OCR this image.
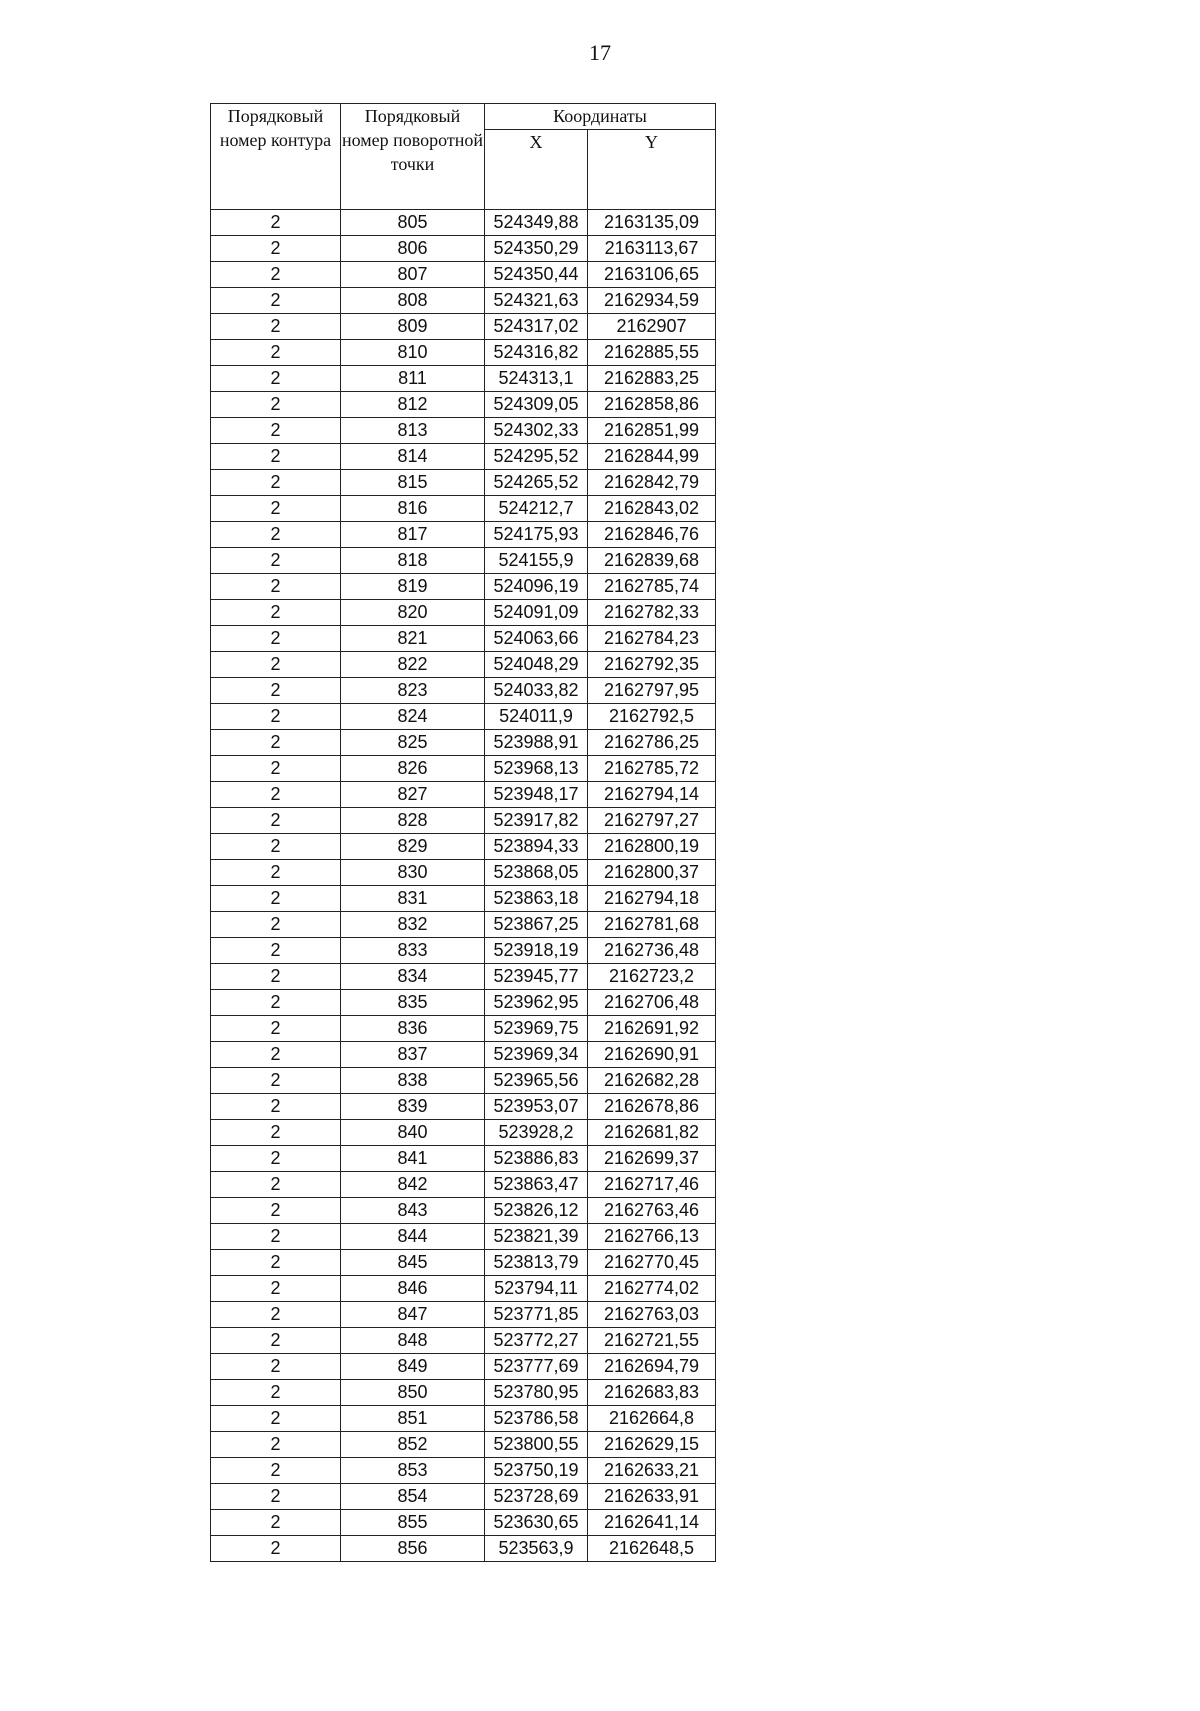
17
Порядковый номер контура	Порядковый номер поворотной точки	Координаты	
		X	Y
2	805	524349,88	2163135,09
2	806	524350,29	2163113,67
2	807	524350,44	2163106,65
2	808	524321,63	2162934,59
2	809	524317,02	2162907
2	810	524316,82	2162885,55
2	811	524313,1	2162883,25
2	812	524309,05	2162858,86
2	813	524302,33	2162851,99
2	814	524295,52	2162844,99
2	815	524265,52	2162842,79
2	816	524212,7	2162843,02
2	817	524175,93	2162846,76
2	818	524155,9	2162839,68
2	819	524096,19	2162785,74
2	820	524091,09	2162782,33
2	821	524063,66	2162784,23
2	822	524048,29	2162792,35
2	823	524033,82	2162797,95
2	824	524011,9	2162792,5
2	825	523988,91	2162786,25
2	826	523968,13	2162785,72
2	827	523948,17	2162794,14
2	828	523917,82	2162797,27
2	829	523894,33	2162800,19
2	830	523868,05	2162800,37
2	831	523863,18	2162794,18
2	832	523867,25	2162781,68
2	833	523918,19	2162736,48
2	834	523945,77	2162723,2
2	835	523962,95	2162706,48
2	836	523969,75	2162691,92
2	837	523969,34	2162690,91
2	838	523965,56	2162682,28
2	839	523953,07	2162678,86
2	840	523928,2	2162681,82
2	841	523886,83	2162699,37
2	842	523863,47	2162717,46
2	843	523826,12	2162763,46
2	844	523821,39	2162766,13
2	845	523813,79	2162770,45
2	846	523794,11	2162774,02
2	847	523771,85	2162763,03
2	848	523772,27	2162721,55
2	849	523777,69	2162694,79
2	850	523780,95	2162683,83
2	851	523786,58	2162664,8
2	852	523800,55	2162629,15
2	853	523750,19	2162633,21
2	854	523728,69	2162633,91
2	855	523630,65	2162641,14
2	856	523563,9	2162648,5
